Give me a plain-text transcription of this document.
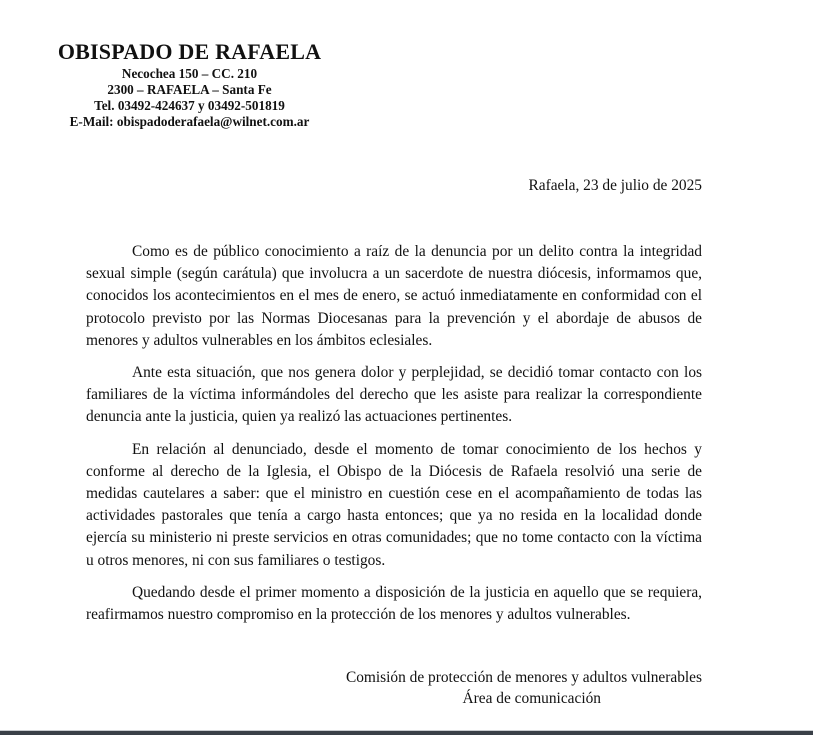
OBISPADO DE RAFAELA
Necochea 150 – CC. 210
2300 – RAFAELA – Santa Fe
Tel. 03492-424637 y 03492-501819
E-Mail: obispadoderafaela@wilnet.com.ar
Rafaela, 23 de julio de 2025

Como es de público conocimiento a raíz de la denuncia por un delito contra la integridad sexual simple (según carátula) que involucra a un sacerdote de nuestra diócesis, informamos que, conocidos los acontecimientos en el mes de enero, se actuó inmediatamente en conformidad con el protocolo previsto por las Normas Diocesanas para la prevención y el abordaje de abusos de menores y adultos vulnerables en los ámbitos eclesiales.

Ante esta situación, que nos genera dolor y perplejidad, se decidió tomar contacto con los familiares de la víctima informándoles del derecho que les asiste para realizar la correspondiente denuncia ante la justicia, quien ya realizó las actuaciones pertinentes.

En relación al denunciado, desde el momento de tomar conocimiento de los hechos y conforme al derecho de la Iglesia, el Obispo de la Diócesis de Rafaela resolvió una serie de medidas cautelares a saber: que el ministro en cuestión cese en el acompañamiento de todas las actividades pastorales que tenía a cargo hasta entonces; que ya no resida en la localidad donde ejercía su ministerio ni preste servicios en otras comunidades; que no tome contacto con la víctima u otros menores, ni con sus familiares o testigos.

Quedando desde el primer momento a disposición de la justicia en aquello que se requiera, reafirmamos nuestro compromiso en la protección de los menores y adultos vulnerables.

Comisión de protección de menores y adultos vulnerables
Área de comunicación
